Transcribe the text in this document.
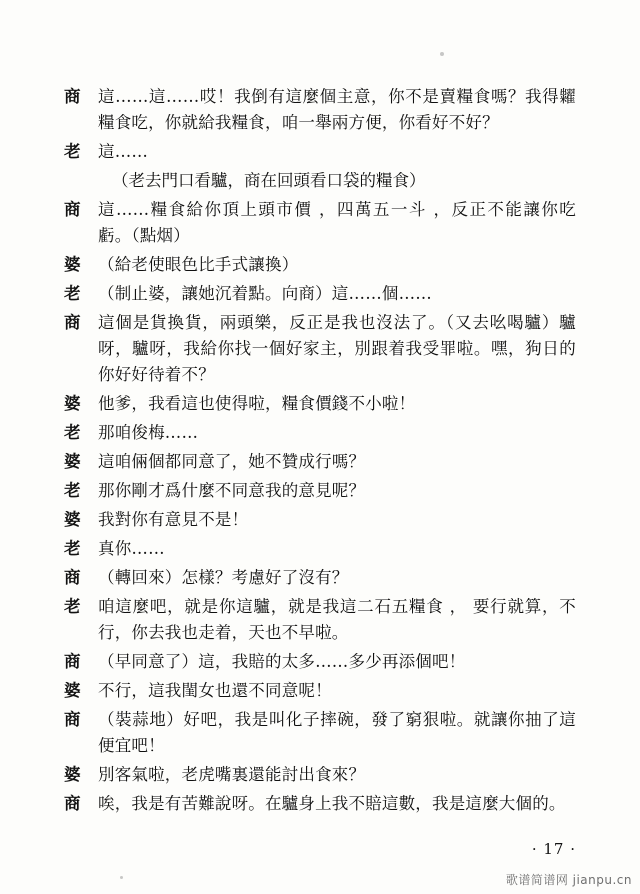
商	這……這……哎！我倒有這麼個主意，你不是賣糧食嗎？我得糶糧食吃，你就給我糧食，咱一舉兩方便，你看好不好？
老	這……
（老去門口看驢，商在回頭看口袋的糧食）
商	這……糧食給你頂上頭市價 ，四萬五一斗 ，反正不能讓你吃虧。（點烟）
婆	（給老使眼色比手式讓換）
老	（制止婆，讓她沉着點。向商）這……個……
商	這個是貨換貨，兩頭樂，反正是我也沒法了。（又去吆喝驢）驢呀，驢呀，我給你找一個好家主，別跟着我受罪啦。嘿，狗日的你好好待着不？
婆	他爹，我看這也使得啦，糧食價錢不小啦！
老	那咱俊梅……
婆	這咱倆個都同意了，她不贊成行嗎？
老	那你剛才爲什麼不同意我的意見呢？
婆	我對你有意見不是！
老	真你……
商	（轉回來）怎樣？考慮好了沒有？
老	咱這麼吧，就是你這驢，就是我這二石五糧食 ， 要行就算，不行，你去我也走着，天也不早啦。
商	（早同意了）這，我賠的太多……多少再添個吧！
婆	不行，這我閨女也還不同意呢！
商	（裝蒜地）好吧，我是叫化子摔碗，發了窮狠啦。就讓你抽了這便宜吧！
婆	別客氣啦，老虎嘴裏還能討出食來？
商	唉，我是有苦難說呀。在驢身上我不賠這數，我是這麼大個的。
· 17 ·
歌谱简谱网 jianpu.cn
